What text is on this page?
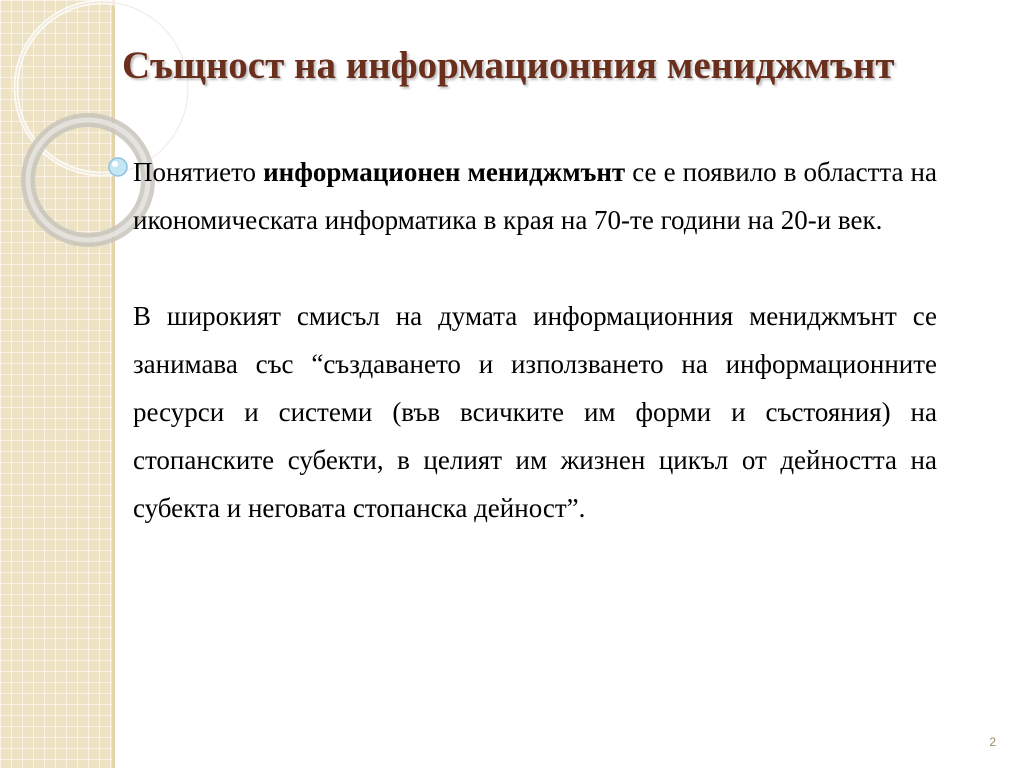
Същност на информационния мениджмънт

Понятието информационен мениджмънт се е появило в областта на икономическата информатика в края на 70-те години на 20-и век.

В широкият смисъл на думата информационния мениджмънт се занимава със “създаването и използването на информационните ресурси и системи (във всичките им форми и състояния) на стопанските субекти, в целият им жизнен цикъл от дейността на субекта и неговата стопанска дейност”.

2
